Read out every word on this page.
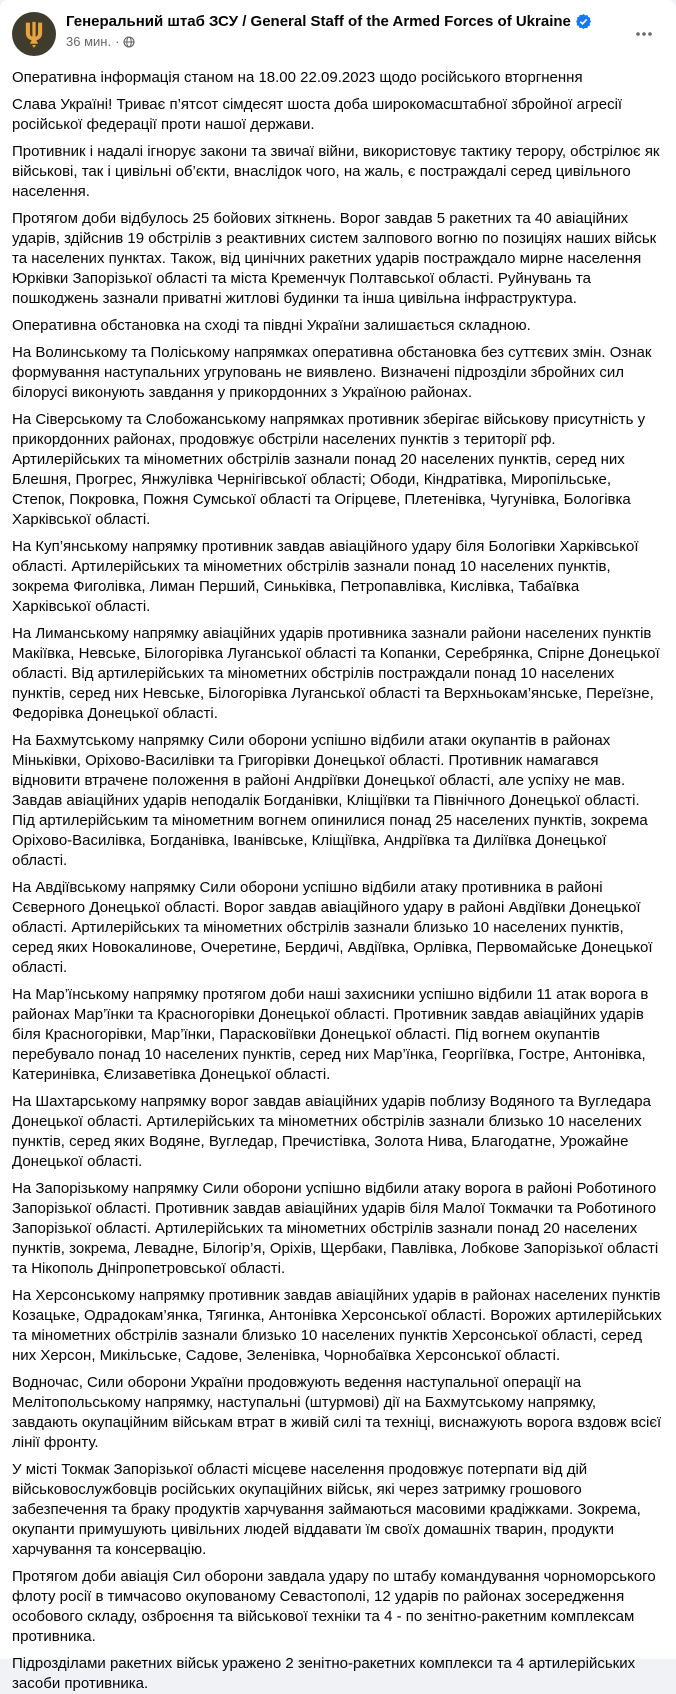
Генеральний штаб ЗСУ / General Staff of the Armed Forces of Ukraine
36 мин. ·
Оперативна інформація станом на 18.00 22.09.2023 щодо російського вторгнення
Слава Україні! Триває п’ятсот сімдесят шоста доба широкомасштабної збройної агресії російської федерації проти нашої держави.
Противник і надалі ігнорує закони та звичаї війни, використовує тактику терору, обстрілює як військові, так і цивільні об’єкти, внаслідок чого, на жаль, є постраждалі серед цивільного населення.
Протягом доби відбулось 25 бойових зіткнень. Ворог завдав 5 ракетних та 40 авіаційних ударів, здійснив 19 обстрілів з реактивних систем залпового вогню по позиціях наших військ та населених пунктах. Також, від цинічних ракетних ударів постраждало мирне населення Юрківки Запорізької області та міста Кременчук Полтавської області. Руйнувань та пошкоджень зазнали приватні житлові будинки та інша цивільна інфраструктура.
Оперативна обстановка на сході та півдні України залишається складною.
На Волинському та Поліському напрямках оперативна обстановка без суттєвих змін. Ознак формування наступальних угруповань не виявлено. Визначені підрозділи збройних сил білорусі виконують завдання у прикордонних з Україною районах.
На Сіверському та Слобожанському напрямках противник зберігає військову присутність у прикордонних районах, продовжує обстріли населених пунктів з території рф. Артилерійських та мінометних обстрілів зазнали понад 20 населених пунктів, серед них Блешня, Прогрес, Янжулівка Чернігівської області; Ободи, Кіндратівка, Миропільське, Степок, Покровка, Пожня Сумської області та Огірцеве, Плетенівка, Чугунівка, Бологівка Харківської області.
На Куп’янському напрямку противник завдав авіаційного удару біля Бологівки Харківської області. Артилерійських та мінометних обстрілів зазнали понад 10 населених пунктів, зокрема Фиголівка, Лиман Перший, Синьківка, Петропавлівка, Кислівка, Табаївка Харківської області.
На Лиманському напрямку авіаційних ударів противника зазнали райони населених пунктів Макіївка, Невське, Білогорівка Луганської області та Копанки, Серебрянка, Спірне Донецької області. Від артилерійських та мінометних обстрілів постраждали понад 10 населених пунктів, серед них Невське, Білогорівка Луганської області та Верхньокам’янське, Переїзне, Федорівка Донецької області.
На Бахмутському напрямку Сили оборони успішно відбили атаки окупантів в районах Міньківки, Оріхово-Василівки та Григорівки Донецької області. Противник намагався відновити втрачене положення в районі Андріївки Донецької області, але успіху не мав. Завдав авіаційних ударів неподалік Богданівки, Кліщіївки та Північного Донецької області. Під артилерійським та мінометним вогнем опинилися понад 25 населених пунктів, зокрема Оріхово-Василівка, Богданівка, Іванівське, Кліщіївка, Андріївка та Диліївка Донецької області.
На Авдіївському напрямку Сили оборони успішно відбили атаку противника в районі Сєверного Донецької області. Ворог завдав авіаційного удару в районі Авдіївки Донецької області. Артилерійських та мінометних обстрілів зазнали близько 10 населених пунктів, серед яких Новокалинове, Очеретине, Бердичі, Авдіївка, Орлівка, Первомайське Донецької області.
На Мар’їнському напрямку протягом доби наші захисники успішно відбили 11 атак ворога в районах Мар’їнки та Красногорівки Донецької області. Противник завдав авіаційних ударів біля Красногорівки, Мар’їнки, Парасковіївки Донецької області. Під вогнем окупантів перебувало понад 10 населених пунктів, серед них Мар’їнка, Георгіївка, Гостре, Антонівка, Катеринівка, Єлизаветівка Донецької області.
На Шахтарському напрямку ворог завдав авіаційних ударів поблизу Водяного та Вугледара Донецької області. Артилерійських та мінометних обстрілів зазнали близько 10 населених пунктів, серед яких Водяне, Вугледар, Пречистівка, Золота Нива, Благодатне, Урожайне Донецької області.
На Запорізькому напрямку Сили оборони успішно відбили атаку ворога в районі Роботиного Запорізької області. Противник завдав авіаційних ударів біля Малої Токмачки та Роботиного Запорізької області. Артилерійських та мінометних обстрілів зазнали понад 20 населених пунктів, зокрема, Левадне, Білогір’я, Оріхів, Щербаки, Павлівка, Лобкове Запорізької області та Нікополь Дніпропетровської області.
На Херсонському напрямку противник завдав авіаційних ударів в районах населених пунктів Козацьке, Одрадокам’янка, Тягинка, Антонівка Херсонської області. Ворожих артилерійських та мінометних обстрілів зазнали близько 10 населених пунктів Херсонської області, серед них Херсон, Микільське, Садове, Зеленівка, Чорнобаївка Херсонської області.
Водночас, Сили оборони України продовжують ведення наступальної операції на Мелітопольському напрямку, наступальні (штурмові) дії на Бахмутському напрямку, завдають окупаційним військам втрат в живій силі та техніці, виснажують ворога вздовж всієї лінії фронту.
У місті Токмак Запорізької області місцеве населення продовжує потерпати від дій військовослужбовців російських окупаційних військ, які через затримку грошового забезпечення та браку продуктів харчування займаються масовими крадіжками. Зокрема, окупанти примушують цивільних людей віддавати їм своїх домашніх тварин, продукти харчування та консервацію.
Протягом доби авіація Сил оборони завдала удару по штабу командування чорноморського флоту росії в тимчасово окупованому Севастополі, 12 ударів по районах зосередження особового складу, озброєння та військової техніки та 4 - по зенітно-ракетним комплексам противника.
Підрозділами ракетних військ уражено 2 зенітно-ракетних комплекси та 4 артилерійських засоби противника.
